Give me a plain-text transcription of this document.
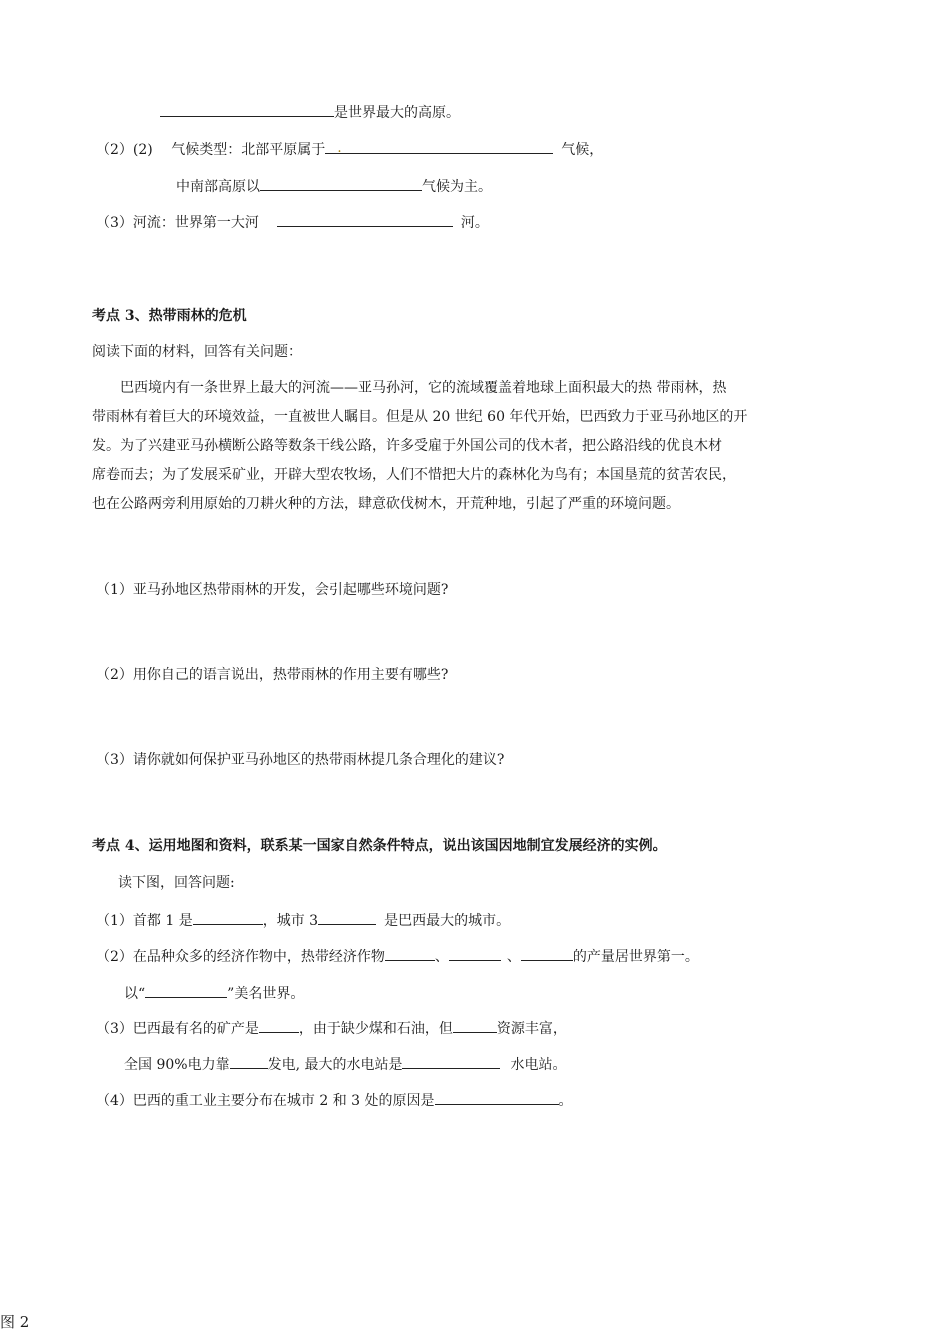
是世界最大的高原。
（2）(2)　 气候类型：北部平原属于 .	气候，
中南部高原以	气候为主。
（3）河流：世界第一大河	河。
考点 3、热带雨林的危机
阅读下面的材料，回答有关问题：

巴西境内有一条世界上最大的河流——亚马孙河，它的流域覆盖着地球上面积最大的热 带雨林，热

带雨林有着巨大的环境效益，一直被世人瞩目。但是从 20 世纪 60 年代开始，巴西致力于亚马孙地区的开

发。为了兴建亚马孙横断公路等数条干线公路，许多受雇于外国公司的伐木者，把公路沿线的优良木材

席卷而去；为了发展采矿业，开辟大型农牧场，人们不惜把大片的森林化为鸟有；本国垦荒的贫苦农民，

也在公路两旁利用原始的刀耕火种的方法，肆意砍伐树木，开荒种地，引起了严重的环境问题。

（1）亚马孙地区热带雨林的开发，会引起哪些环境问题?
（2）用你自己的语言说出，热带雨林的作用主要有哪些?
（3）请你就如何保护亚马孙地区的热带雨林提几条合理化的建议?
考点 4、运用地图和资料，联系某一国家自然条件特点，说出该国因地制宜发展经济的实例。
读下图，回答问题:
（1）首都 1 是	，城市 3	是巴西最大的城市。
（2）在品种众多的经济作物中，热带经济作物	、	、	的产量居世界第一。
以“	”美名世界。
（3）巴西最有名的矿产是	，由于缺少煤和石油，但	资源丰富，
全国 90%电力靠	发电, 最大的水电站是	水电站。
（4）巴西的重工业主要分布在城市 2 和 3 处的原因是	。
图 2
